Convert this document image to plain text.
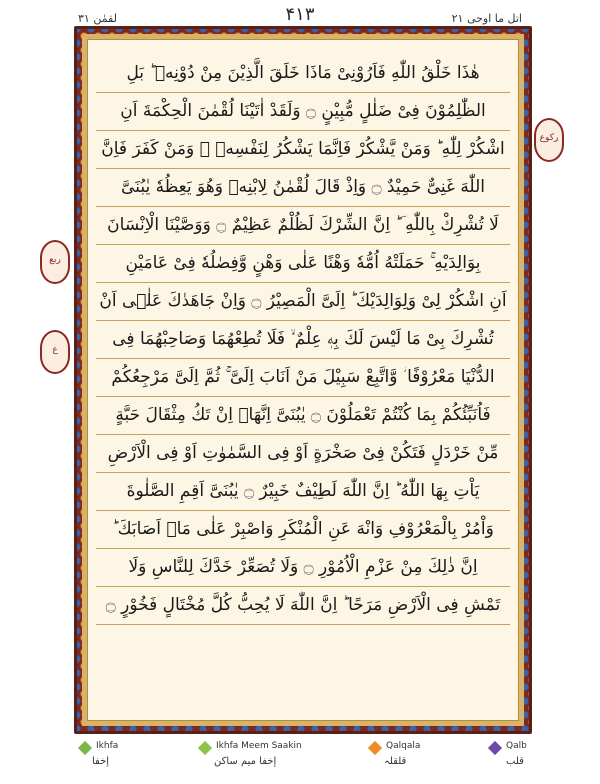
اتل ما اوحی ۲۱
۴۱۳
لقمٰن ۳۱
هٰذَا خَلْقُ اللّٰهِ فَاَرُوْنِیْ مَاذَا خَلَقَ الَّذِیْنَ مِنْ دُوْنِهٖ ؕ بَلِ
الظّٰلِمُوْنَ فِیْ ضَلٰلٍ مُّبِیْنٍ ۝ وَلَقَدْ اٰتَیْنَا لُقْمٰنَ الْحِكْمَةَ اَنِ
اشْكُرْ لِلّٰهِ ؕ وَمَنْ یَّشْكُرْ فَاِنَّمَا یَشْكُرُ لِنَفْسِهٖ ۚ وَمَنْ كَفَرَ فَاِنَّ
اللّٰهَ غَنِیٌّ حَمِیْدٌ ۝ وَاِذْ قَالَ لُقْمٰنُ لِابْنِهٖ وَهُوَ یَعِظُهٗ یٰبُنَیَّ
لَا تُشْرِكْ بِاللّٰهِ ؔ ؕ اِنَّ الشِّرْكَ لَظُلْمٌ عَظِیْمٌ ۝ وَوَصَّیْنَا الْاِنْسَانَ
بِوَالِدَیْهِ ۚ حَمَلَتْهُ اُمُّهٗ وَهْنًا عَلٰی وَهْنٍ وَّفِصٰلُهٗ فِیْ عَامَیْنِ
اَنِ اشْكُرْ لِیْ وَلِوَالِدَیْكَ ؕ اِلَیَّ الْمَصِیْرُ ۝ وَاِنْ جَاهَدٰكَ عَلٰۤی اَنْ
تُشْرِكَ بِیْ مَا لَیْسَ لَكَ بِهٖ عِلْمٌ ۙ فَلَا تُطِعْهُمَا وَصَاحِبْهُمَا فِی
الدُّنْیَا مَعْرُوْفًا ؗ وَّاتَّبِعْ سَبِیْلَ مَنْ اَنَابَ اِلَیَّ ۚ ثُمَّ اِلَیَّ مَرْجِعُكُمْ
فَاُنَبِّئُكُمْ بِمَا كُنْتُمْ تَعْمَلُوْنَ ۝ یٰبُنَیَّ اِنَّهَاۤ اِنْ تَكُ مِثْقَالَ حَبَّةٍ
مِّنْ خَرْدَلٍ فَتَكُنْ فِیْ صَخْرَةٍ اَوْ فِی السَّمٰوٰتِ اَوْ فِی الْاَرْضِ
یَاْتِ بِهَا اللّٰهُ ؕ اِنَّ اللّٰهَ لَطِیْفٌ خَبِیْرٌ ۝ یٰبُنَیَّ اَقِمِ الصَّلٰوةَ
وَاْمُرْ بِالْمَعْرُوْفِ وَانْهَ عَنِ الْمُنْكَرِ وَاصْبِرْ عَلٰی مَاۤ اَصَابَكَ ؕ
اِنَّ ذٰلِكَ مِنْ عَزْمِ الْاُمُوْرِ ۝ وَلَا تُصَعِّرْ خَدَّكَ لِلنَّاسِ وَلَا
تَمْشِ فِی الْاَرْضِ مَرَحًا ؕ اِنَّ اللّٰهَ لَا یُحِبُّ كُلَّ مُخْتَالٍ فَخُوْرٍ ۝
ركوع
ربع
ع
Ikhfa
إخفا
Ikhfa Meem Saakin
إخفا میم ساکن
Qalqala
قلقلہ
Qalb
قلب
